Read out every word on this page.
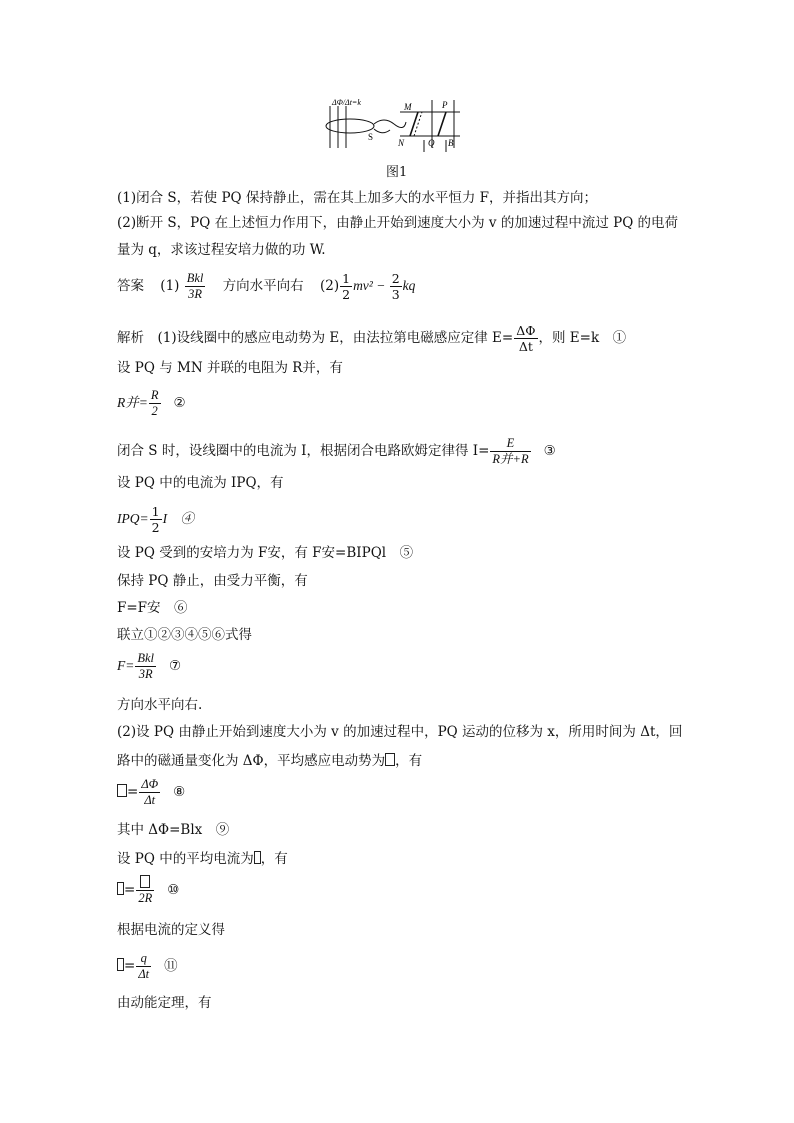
S
M
N
P
Q B
ΔΦ/Δt=k
图1
(1)闭合 S，若使 PQ 保持静止，需在其上加多大的水平恒力 F，并指出其方向；
(2)断开 S，PQ 在上述恒力作用下，由静止开始到速度大小为 v 的加速过程中流过 PQ 的电荷
量为 q，求该过程安培力做的功 W.
答案 $(1) \frac{\text{Bkl}}{3R}$ 方向水平向右 $(2) \frac{1}{2} mv^2 - \frac{2}{3}$ kq
解析　(1)设线圈中的感应电动势为 E，由法拉第电磁感应定律 $E= \frac{\Delta\Phi}{\Delta t}$ ，则 E=k　①
设 PQ 与 MN 并联的电阻为 R并，有
R并= $\frac{R}{2}$ ②
闭合 S 时，设线圈中的电流为 I，根据闭合电路欧姆定律得 $I= \frac{E}{\text{R并+R}}$ ③
设 PQ 中的电流为 IPQ，有
$IPQ= \frac{1}{2}$ I　④
设 PQ 受到的安培力为 F安，有 F安=BIPQl　⑤
保持 PQ 静止，由受力平衡，有
F=F安　⑥
联立①②③④⑤⑥式得
$F= \frac{\text{Bkl}}{3R}$ ⑦
方向水平向右.
(2)设 PQ 由静止开始到速度大小为 v 的加速过程中，PQ 运动的位移为 x，所用时间为 Δt，回
路中的磁通量变化为 ΔΦ，平均感应电动势为 ，有
= $\frac{\Delta\Phi}{\Delta t}$ ⑧
其中 ΔΦ=Blx　⑨
设 PQ 中的平均电流为 ，有
= 2R ⑩
根据电流的定义得
= $\frac{q}{\Delta t}$ ⑪
由动能定理，有
